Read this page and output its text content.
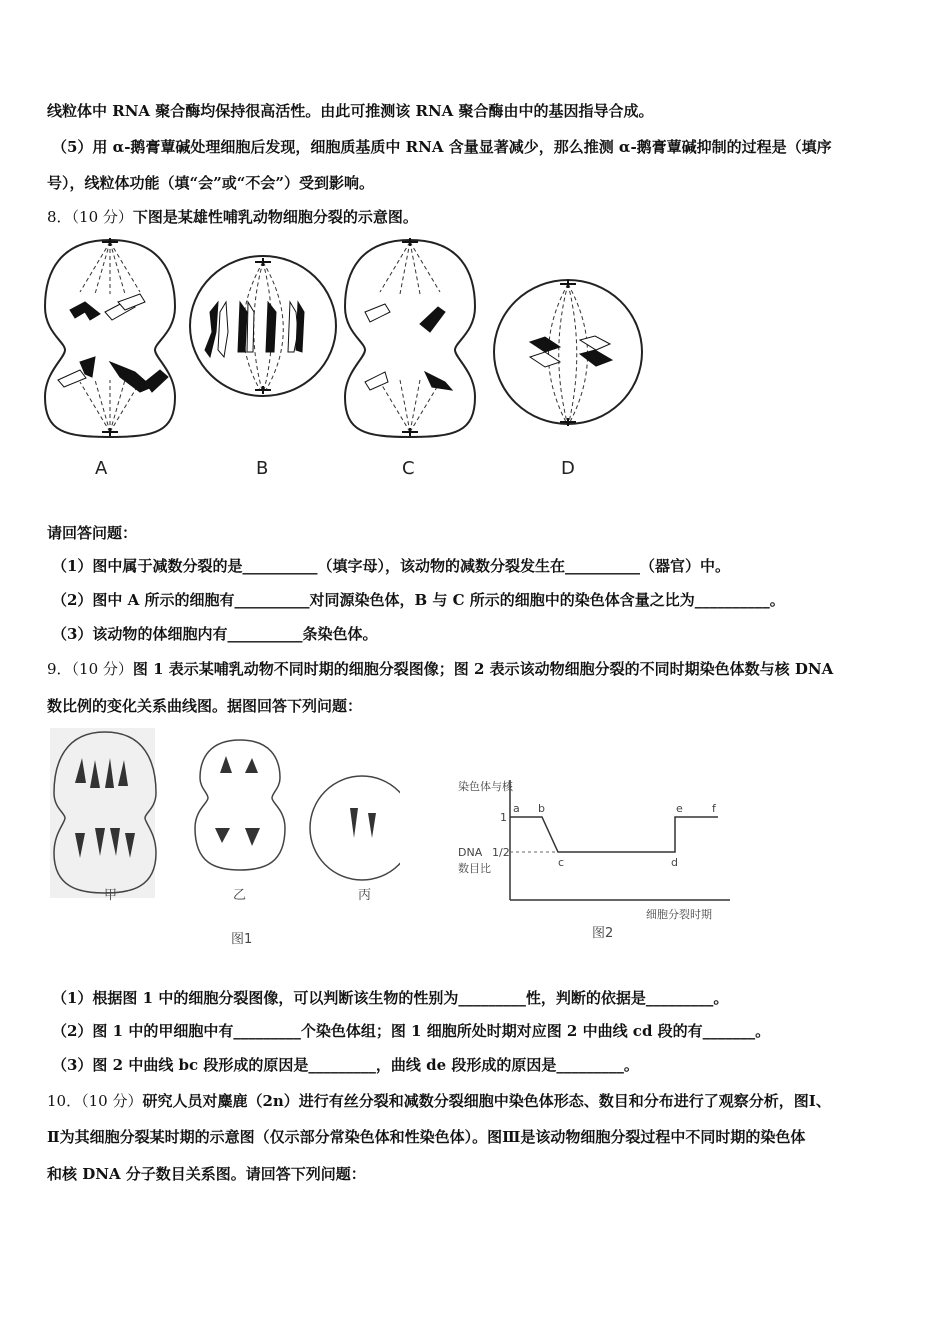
线粒体中 RNA 聚合酶均保持很高活性。由此可推测该 RNA 聚合酶由中的基因指导合成。
（5）用 α-鹅膏蕈碱处理细胞后发现，细胞质基质中 RNA 含量显著减少，那么推测 α-鹅膏蕈碱抑制的过程是（填序
号），线粒体功能（填“会”或“不会”）受到影响。
8．（10 分）下图是某雄性哺乳动物细胞分裂的示意图。
A	B	C	D
请回答问题：
（1）图中属于减数分裂的是__________（填字母），该动物的减数分裂发生在__________（器官）中。
（2）图中 A 所示的细胞有__________对同源染色体，B 与 C 所示的细胞中的染色体含量之比为__________。
（3）该动物的体细胞内有__________条染色体。
9．（10 分）图 1 表示某哺乳动物不同时期的细胞分裂图像；图 2 表示该动物细胞分裂的不同时期染色体数与核 DNA
数比例的变化关系曲线图。据图回答下列问题：
甲	乙	丙
图1
1
1/2
染色体与核
DNA
数目比
a b
c	d
e	f
细胞分裂时期
图2
（1）根据图 1 中的细胞分裂图像，可以判断该生物的性别为_________性，判断的依据是_________。
（2）图 1 中的甲细胞中有_________个染色体组；图 1 细胞所处时期对应图 2 中曲线 cd 段的有_______。
（3）图 2 中曲线 bc 段形成的原因是_________，曲线 de 段形成的原因是_________。
10．（10 分）研究人员对麋鹿（2n）进行有丝分裂和减数分裂细胞中染色体形态、数目和分布进行了观察分析，图Ⅰ、
Ⅱ为其细胞分裂某时期的示意图（仅示部分常染色体和性染色体）。图Ⅲ是该动物细胞分裂过程中不同时期的染色体
和核 DNA 分子数目关系图。请回答下列问题：
